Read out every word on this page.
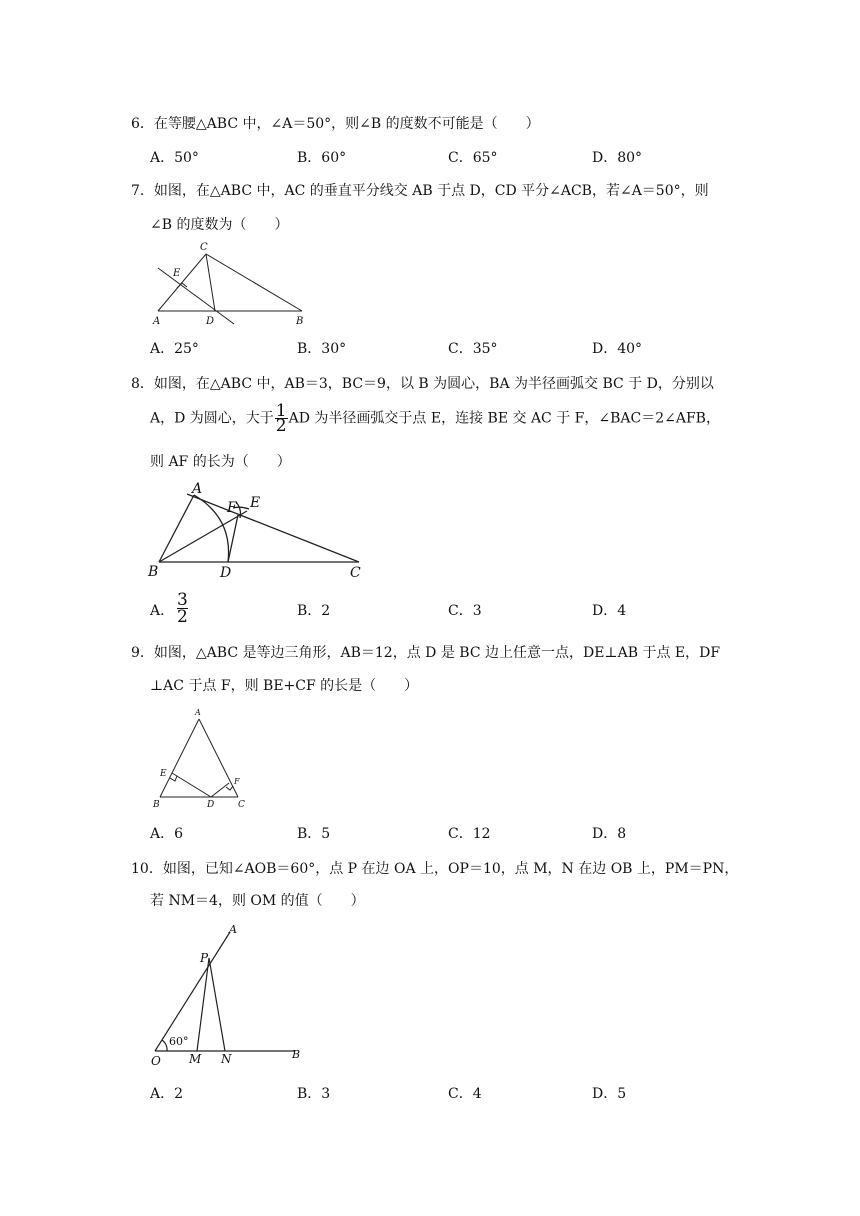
6．在等腰△ABC 中，∠A＝50°，则∠B 的度数不可能是（　　）
A．50°	B．60°	C．65°	D．80°
7．如图，在△ABC 中，AC 的垂直平分线交 AB 于点 D，CD 平分∠ACB，若∠A＝50°，则
∠B 的度数为（　　）
C
E
A	D	B
A．25°	B．30°	C．35°	D．40°
8．如图，在△ABC 中，AB＝3，BC＝9，以 B 为圆心，BA 为半径画弧交 BC 于 D，分别以
A，D 为圆心，大于 $\frac{1}{2}$ AD 为半径画弧交于点 E，连接 BE 交 AC 于 F，∠BAC＝2∠AFB，
则 AF 的长为（　　）
A
F E
B	D	C
A． $\frac{3}{2}$	B．2	C．3	D．4
9．如图，△ABC 是等边三角形，AB＝12，点 D 是 BC 边上任意一点，DE⊥AB 于点 E，DF
⊥AC 于点 F，则 BE+CF 的长是（　　）
A
E
F
B	D	C
A．6	B．5	C．12	D．8
10．如图，已知∠AOB＝60°，点 P 在边 OA 上，OP＝10，点 M，N 在边 OB 上，PM＝PN，
若 NM＝4，则 OM 的值（　　）
A
P
60°
O M N	B
A．2	B．3	C．4	D．5
